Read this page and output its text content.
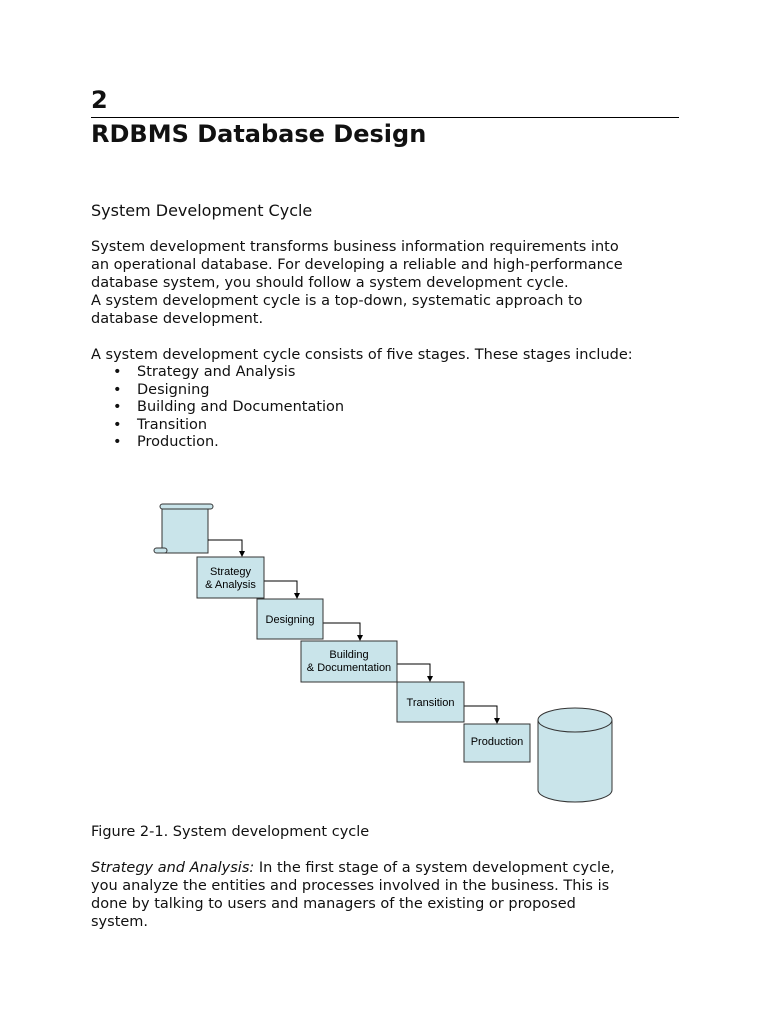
2
RDBMS Database Design
System Development Cycle
System development transforms business information requirements into
an operational database. For developing a reliable and high-performance
database system, you should follow a system development cycle.
A system development cycle is a top-down, systematic approach to
database development.
A system development cycle consists of five stages. These stages include:
• Strategy and Analysis
• Designing
• Building and Documentation
• Transition
• Production.
Strategy
& Analysis
Designing
Building
& Documentation
Transition
Production
Figure 2-1. System development cycle
Strategy and Analysis: In the first stage of a system development cycle,
you analyze the entities and processes involved in the business. This is
done by talking to users and managers of the existing or proposed
system.
